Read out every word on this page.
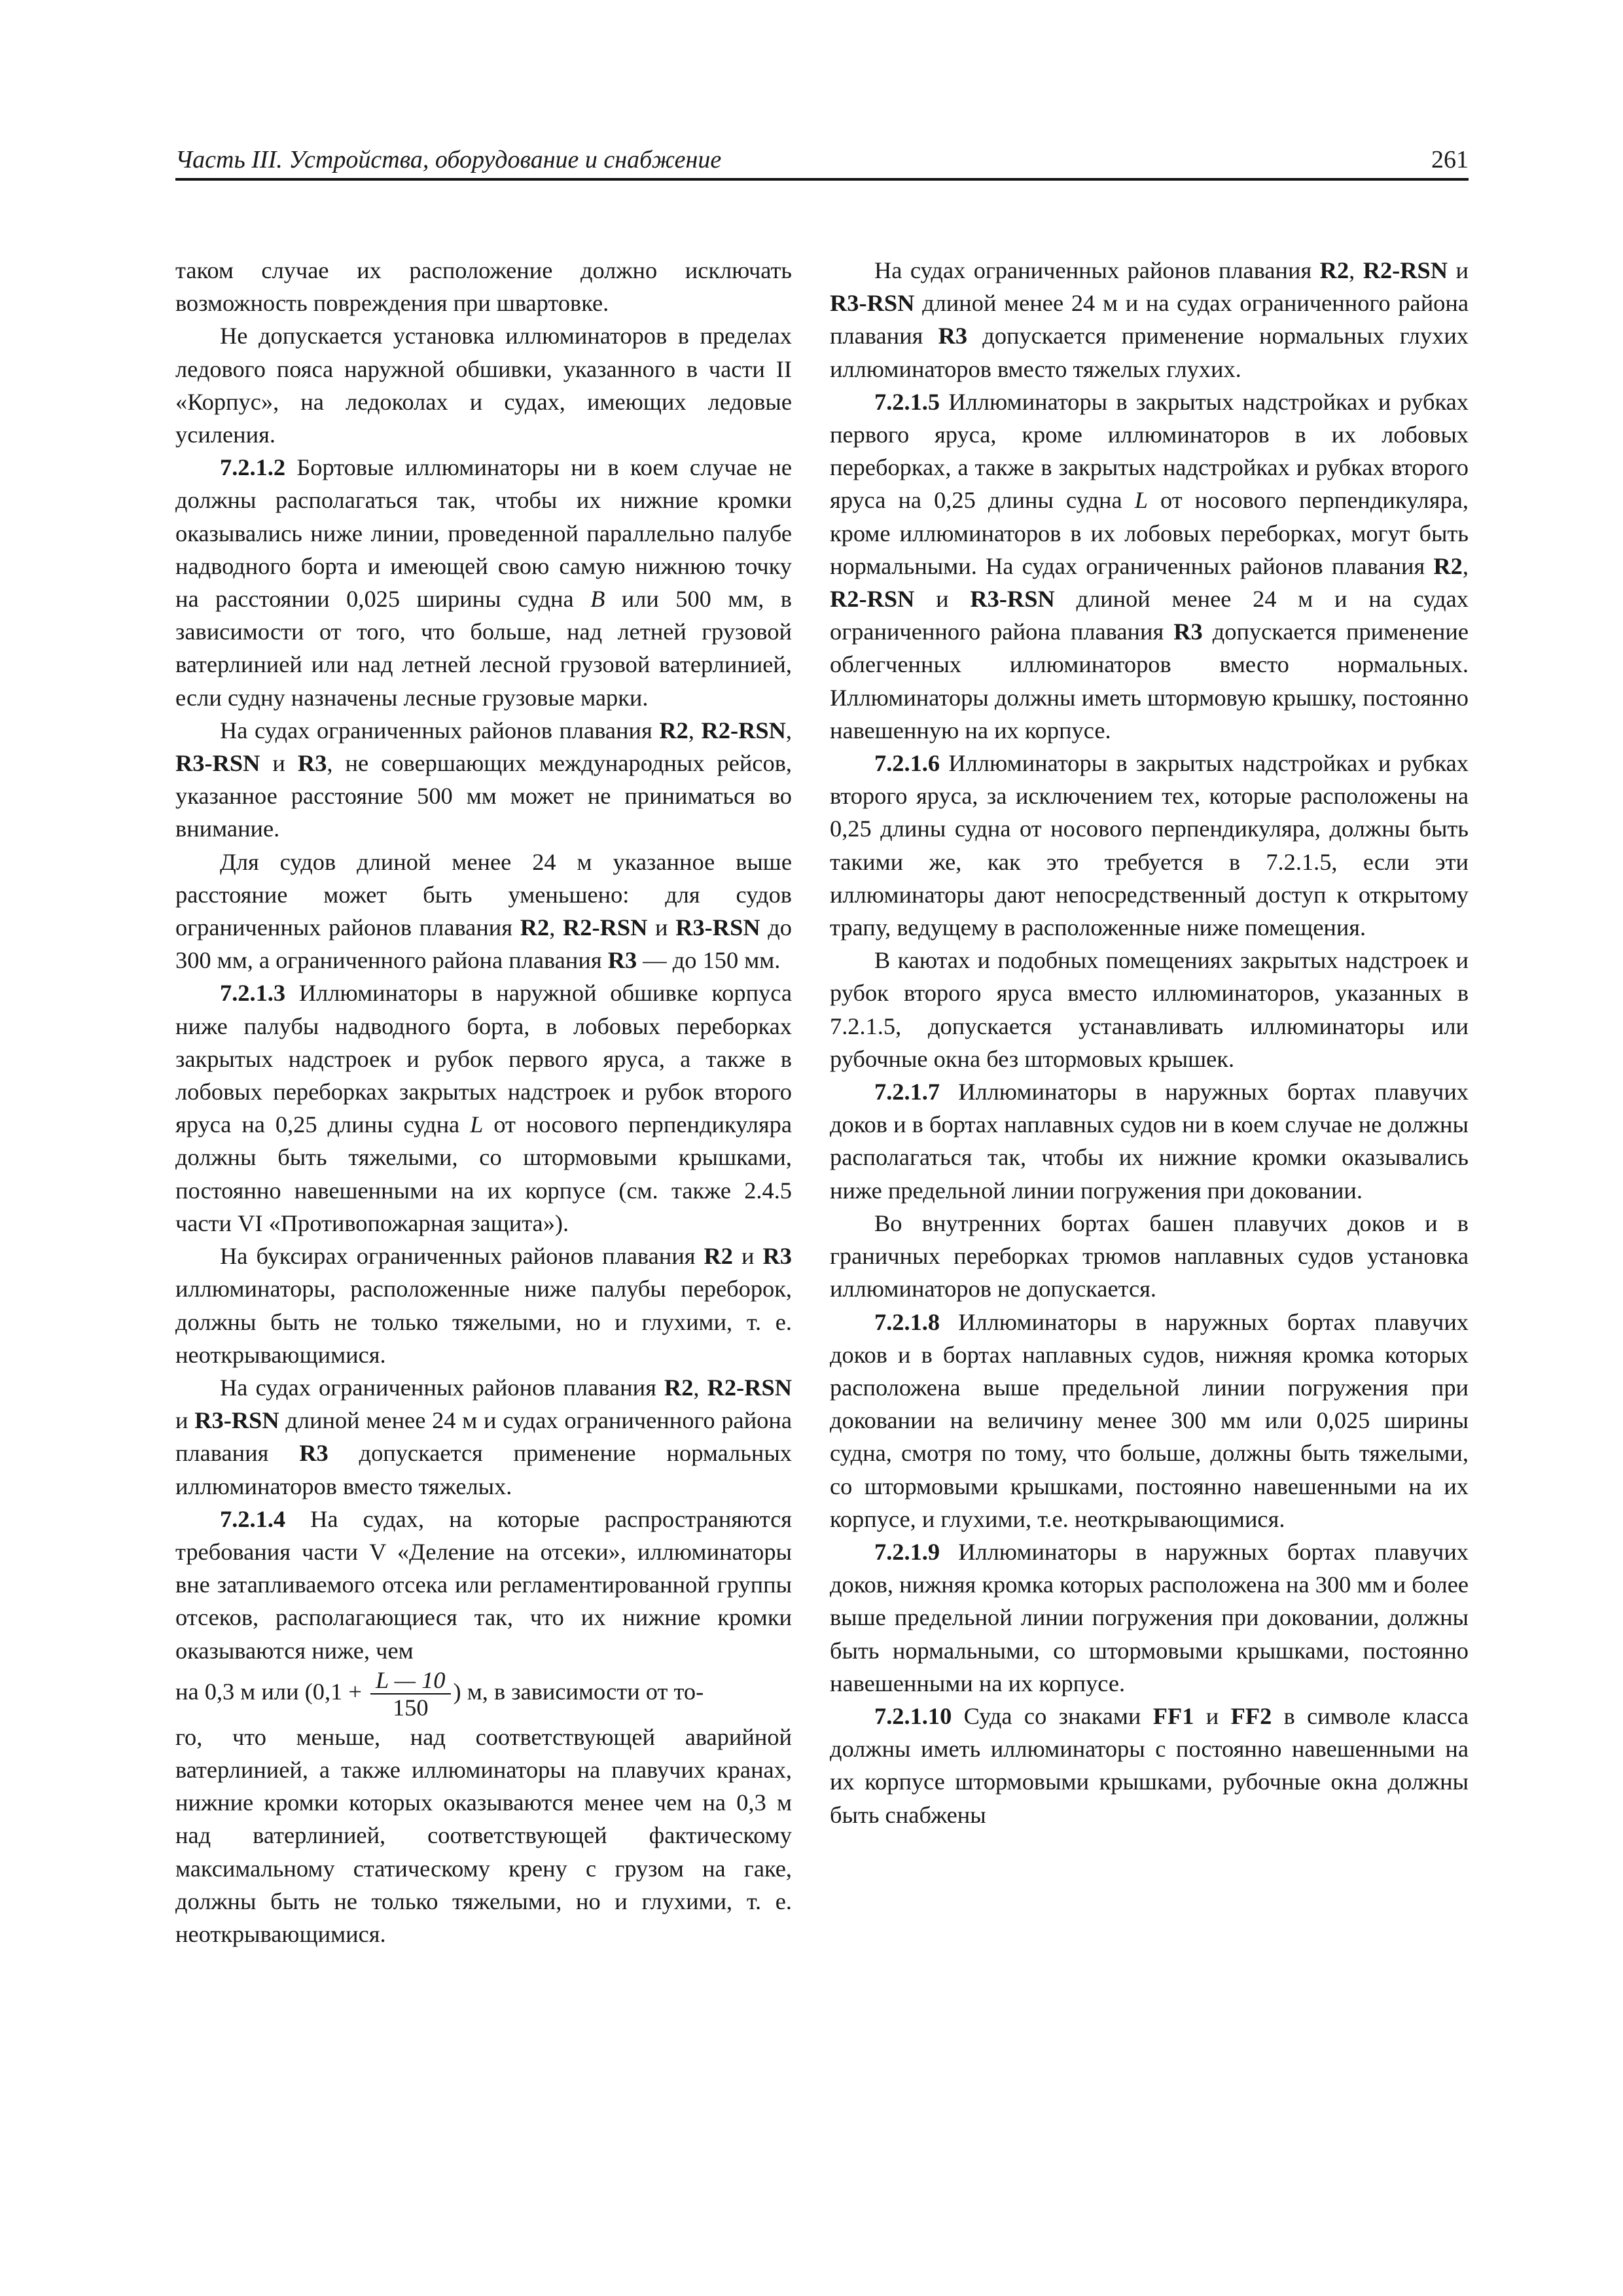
Часть III. Устройства, оборудование и снабжение	261

таком случае их расположение должно исключать возможность повреждения при швартовке.

Не допускается установка иллюминаторов в пределах ледового пояса наружной обшивки, указанного в части II «Корпус», на ледоколах и судах, имеющих ледовые усиления.

7.2.1.2 Бортовые иллюминаторы ни в коем случае не должны располагаться так, чтобы их нижние кромки оказывались ниже линии, проведенной параллельно палубе надводного борта и имеющей свою самую нижнюю точку на расстоянии 0,025 ширины судна B или 500 мм, в зависимости от того, что больше, над летней грузовой ватерлинией или над летней лесной грузовой ватерлинией, если судну назначены лесные грузовые марки.

На судах ограниченных районов плавания R2, R2-RSN, R3-RSN и R3, не совершающих международных рейсов, указанное расстояние 500 мм может не приниматься во внимание.

Для судов длиной менее 24 м указанное выше расстояние может быть уменьшено: для судов ограниченных районов плавания R2, R2-RSN и R3-RSN до 300 мм, а ограниченного района плавания R3 — до 150 мм.

7.2.1.3 Иллюминаторы в наружной обшивке корпуса ниже палубы надводного борта, в лобовых переборках закрытых надстроек и рубок первого яруса, а также в лобовых переборках закрытых надстроек и рубок второго яруса на 0,25 длины судна L от носового перпендикуляра должны быть тяжелыми, со штормовыми крышками, постоянно навешенными на их корпусе (см. также 2.4.5 части VI «Противопожарная защита»).

На буксирах ограниченных районов плавания R2 и R3 иллюминаторы, расположенные ниже палубы переборок, должны быть не только тяжелыми, но и глухими, т. е. неоткрывающимися.

На судах ограниченных районов плавания R2, R2-RSN и R3-RSN длиной менее 24 м и судах ограниченного района плавания R3 допускается применение нормальных иллюминаторов вместо тяжелых.

7.2.1.4 На судах, на которые распространяются требования части V «Деление на отсеки», иллюминаторы вне затапливаемого отсека или регламентированной группы отсеков, располагающиеся так, что их нижние кромки оказываются ниже, чем

на 0,3 м или ($0,1 + \frac{L — 10}{150}$ ) м, в зависимости от то-

го, что меньше, над соответствующей аварийной ватерлинией, а также иллюминаторы на плавучих кранах, нижние кромки которых оказываются менее чем на 0,3 м над ватерлинией, соответствующей фактическому максимальному статическому крену с грузом на гаке, должны быть не только тяжелыми, но и глухими, т. е. неоткрывающимися.

На судах ограниченных районов плавания R2, R2-RSN и R3-RSN длиной менее 24 м и на судах ограниченного района плавания R3 допускается применение нормальных глухих иллюминаторов вместо тяжелых глухих.

7.2.1.5 Иллюминаторы в закрытых надстройках и рубках первого яруса, кроме иллюминаторов в их лобовых переборках, а также в закрытых надстройках и рубках второго яруса на 0,25 длины судна L от носового перпендикуляра, кроме иллюминаторов в их лобовых переборках, могут быть нормальными. На судах ограниченных районов плавания R2, R2-RSN и R3-RSN длиной менее 24 м и на судах ограниченного района плавания R3 допускается применение облегченных иллюминаторов вместо нормальных. Иллюминаторы должны иметь штормовую крышку, постоянно навешенную на их корпусе.

7.2.1.6 Иллюминаторы в закрытых надстройках и рубках второго яруса, за исключением тех, которые расположены на 0,25 длины судна от носового перпендикуляра, должны быть такими же, как это требуется в 7.2.1.5, если эти иллюминаторы дают непосредственный доступ к открытому трапу, ведущему в расположенные ниже помещения.

В каютах и подобных помещениях закрытых надстроек и рубок второго яруса вместо иллюминаторов, указанных в 7.2.1.5, допускается устанавливать иллюминаторы или рубочные окна без штормовых крышек.

7.2.1.7 Иллюминаторы в наружных бортах плавучих доков и в бортах наплавных судов ни в коем случае не должны располагаться так, чтобы их нижние кромки оказывались ниже предельной линии погружения при доковании.

Во внутренних бортах башен плавучих доков и в граничных переборках трюмов наплавных судов установка иллюминаторов не допускается.

7.2.1.8 Иллюминаторы в наружных бортах плавучих доков и в бортах наплавных судов, нижняя кромка которых расположена выше предельной линии погружения при доковании на величину менее 300 мм или 0,025 ширины судна, смотря по тому, что больше, должны быть тяжелыми, со штормовыми крышками, постоянно навешенными на их корпусе, и глухими, т.е. неоткрывающимися.

7.2.1.9 Иллюминаторы в наружных бортах плавучих доков, нижняя кромка которых расположена на 300 мм и более выше предельной линии погружения при доковании, должны быть нормальными, со штормовыми крышками, постоянно навешенными на их корпусе.

7.2.1.10 Суда со знаками FF1 и FF2 в символе класса должны иметь иллюминаторы с постоянно навешенными на их корпусе штормовыми крышками, рубочные окна должны быть снабжены
